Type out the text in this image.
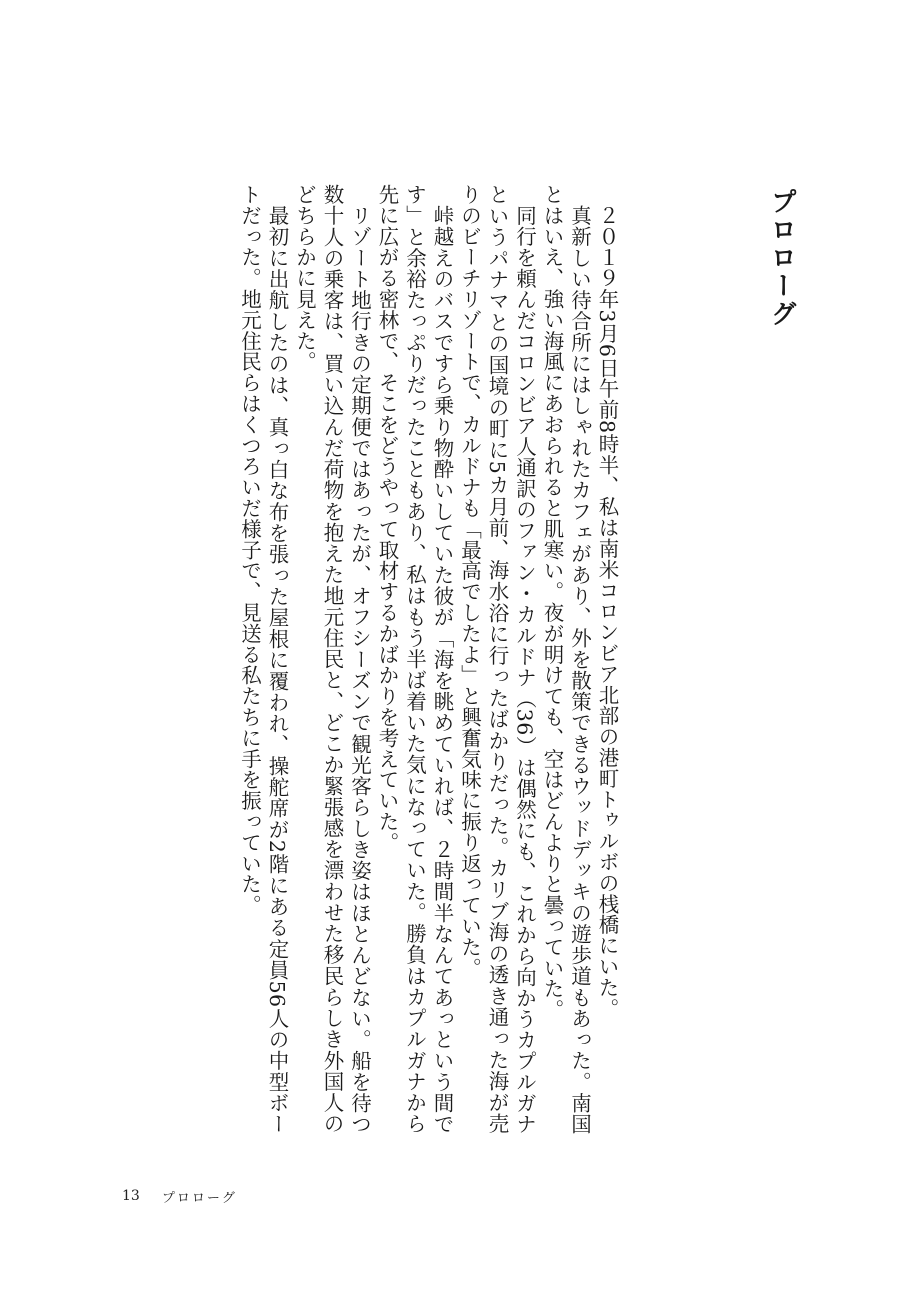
プロローグ

２０１９年3月6日午前8時半、私は南米コロンビア北部の港町トゥルボの桟橋にいた。

真新しい待合所にはしゃれたカフェがあり、外を散策できるウッドデッキの遊歩道もあった。南国とはいえ、強い海風にあおられると肌寒い。夜が明けても、空はどんよりと曇っていた。

同行を頼んだコロンビア人通訳のファン・カルドナ（36）は偶然にも、これから向かうカプルガナというパナマとの国境の町に5カ月前、海水浴に行ったばかりだった。カリブ海の透き通った海が売りのビーチリゾートで、カルドナも「最高でしたよ」と興奮気味に振り返っていた。

峠越えのバスですら乗り物酔いしていた彼が「海を眺めていれば、２時間半なんてあっという間です」と余裕たっぷりだったこともあり、私はもう半ば着いた気になっていた。勝負はカプルガナから先に広がる密林で、そこをどうやって取材するかばかりを考えていた。

リゾート地行きの定期便ではあったが、オフシーズンで観光客らしき姿はほとんどない。船を待つ数十人の乗客は、買い込んだ荷物を抱えた地元住民と、どこか緊張感を漂わせた移民らしき外国人のどちらかに見えた。

最初に出航したのは、真っ白な布を張った屋根に覆われ、操舵席が2階にある定員56人の中型ボートだった。地元住民らはくつろいだ様子で、見送る私たちに手を振っていた。

13 プロローグ
